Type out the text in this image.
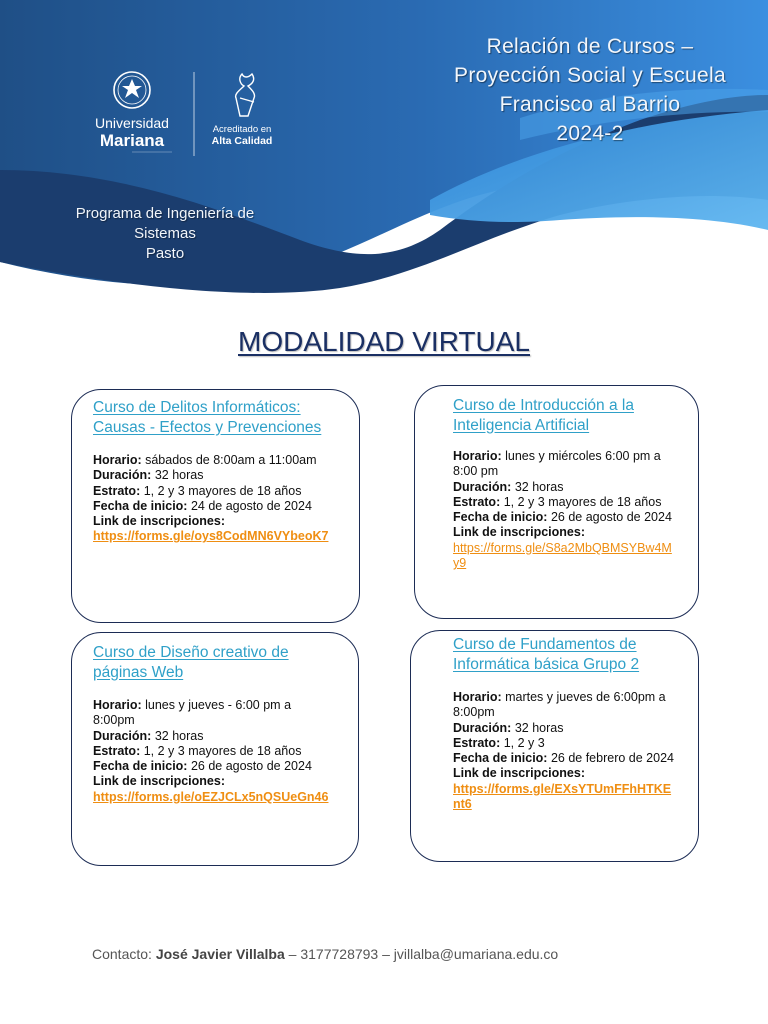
Universidad
Mariana
Acreditado en
Alta Calidad
Relación de Cursos –
Proyección Social y Escuela
Francisco al Barrio
2024-2
Programa de Ingeniería de
Sistemas
Pasto
MODALIDAD VIRTUAL
Curso de Delitos Informáticos: Causas - Efectos y Prevenciones
Horario: sábados de 8:00am a 11:00am
Duración: 32 horas
Estrato: 1, 2 y 3 mayores de 18 años
Fecha de inicio: 24 de agosto de 2024
Link de inscripciones:
https://forms.gle/oys8CodMN6VYbeoK7
Curso de Introducción a la Inteligencia Artificial
Horario: lunes y miércoles 6:00 pm a 8:00 pm
Duración: 32 horas
Estrato: 1, 2 y 3 mayores de 18 años
Fecha de inicio: 26 de agosto de 2024
Link de inscripciones:
https://forms.gle/S8a2MbQBMSYBw4My9
Curso de Diseño creativo de páginas Web
Horario: lunes y jueves - 6:00 pm a 8:00pm
Duración: 32 horas
Estrato: 1, 2 y 3 mayores de 18 años
Fecha de inicio: 26 de agosto de 2024
Link de inscripciones:
https://forms.gle/oEZJCLx5nQSUeGn46
Curso de Fundamentos de Informática básica Grupo 2
Horario: martes y jueves de 6:00pm a 8:00pm
Duración: 32 horas
Estrato: 1, 2 y 3
Fecha de inicio: 26 de febrero de 2024
Link de inscripciones:
https://forms.gle/EXsYTUmFFhHTKEnt6
Contacto: José Javier Villalba – 3177728793 – jvillalba@umariana.edu.co
